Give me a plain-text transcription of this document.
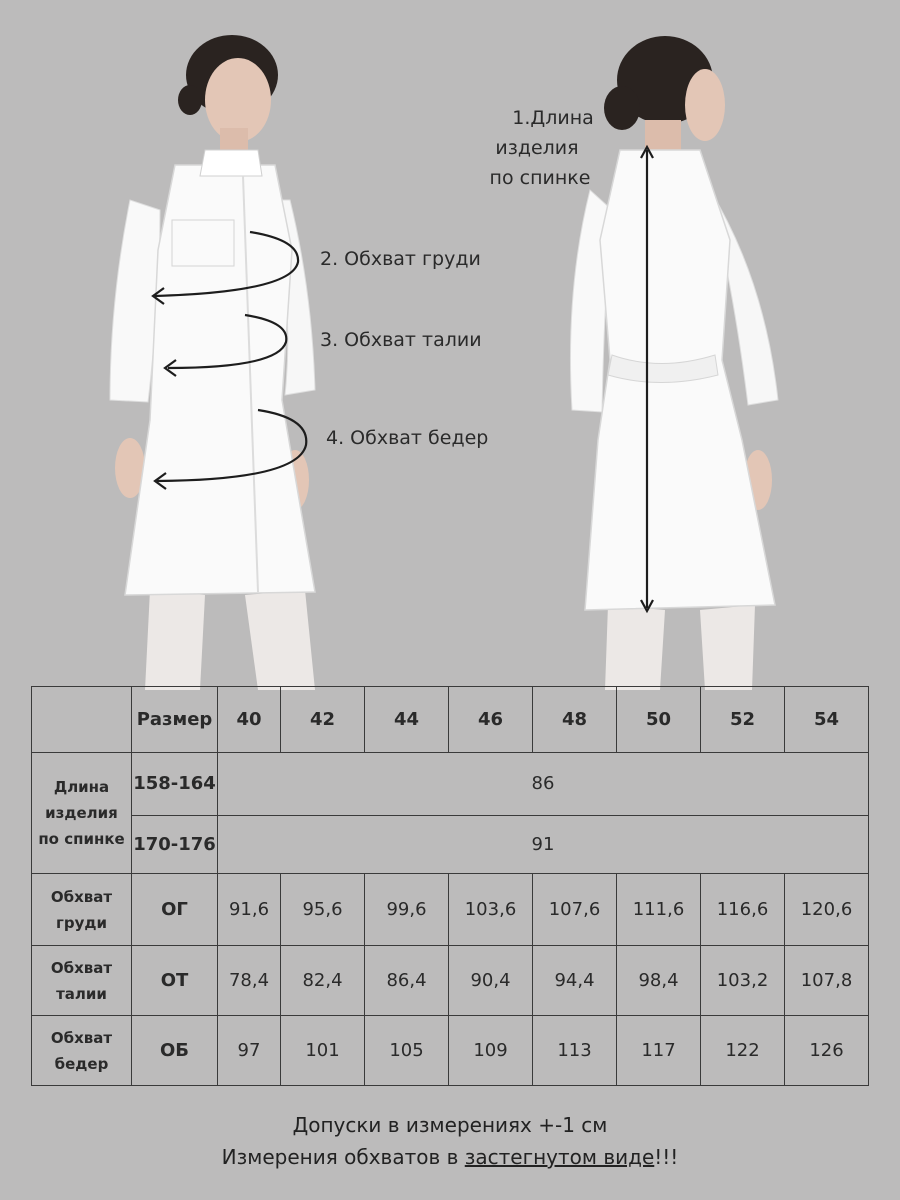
1.Длина
изделия
по спинке
2. Обхват груди
3. Обхват талии
4. Обхват бедер
	Размер	40	42	44	46	48	50	52	54

Длина
изделия
по спинке	158-164	86							
	170-176	91							

Обхват
груди	ОГ	91,6	95,6	99,6	103,6	107,6	111,6	116,6	120,6

Обхват
талии	ОТ	78,4	82,4	86,4	90,4	94,4	98,4	103,2	107,8

Обхват
бедер	ОБ	97	101	105	109	113	117	122	126
Допуски в измерениях +-1 см
Измерения обхватов в застегнутом виде!!!
